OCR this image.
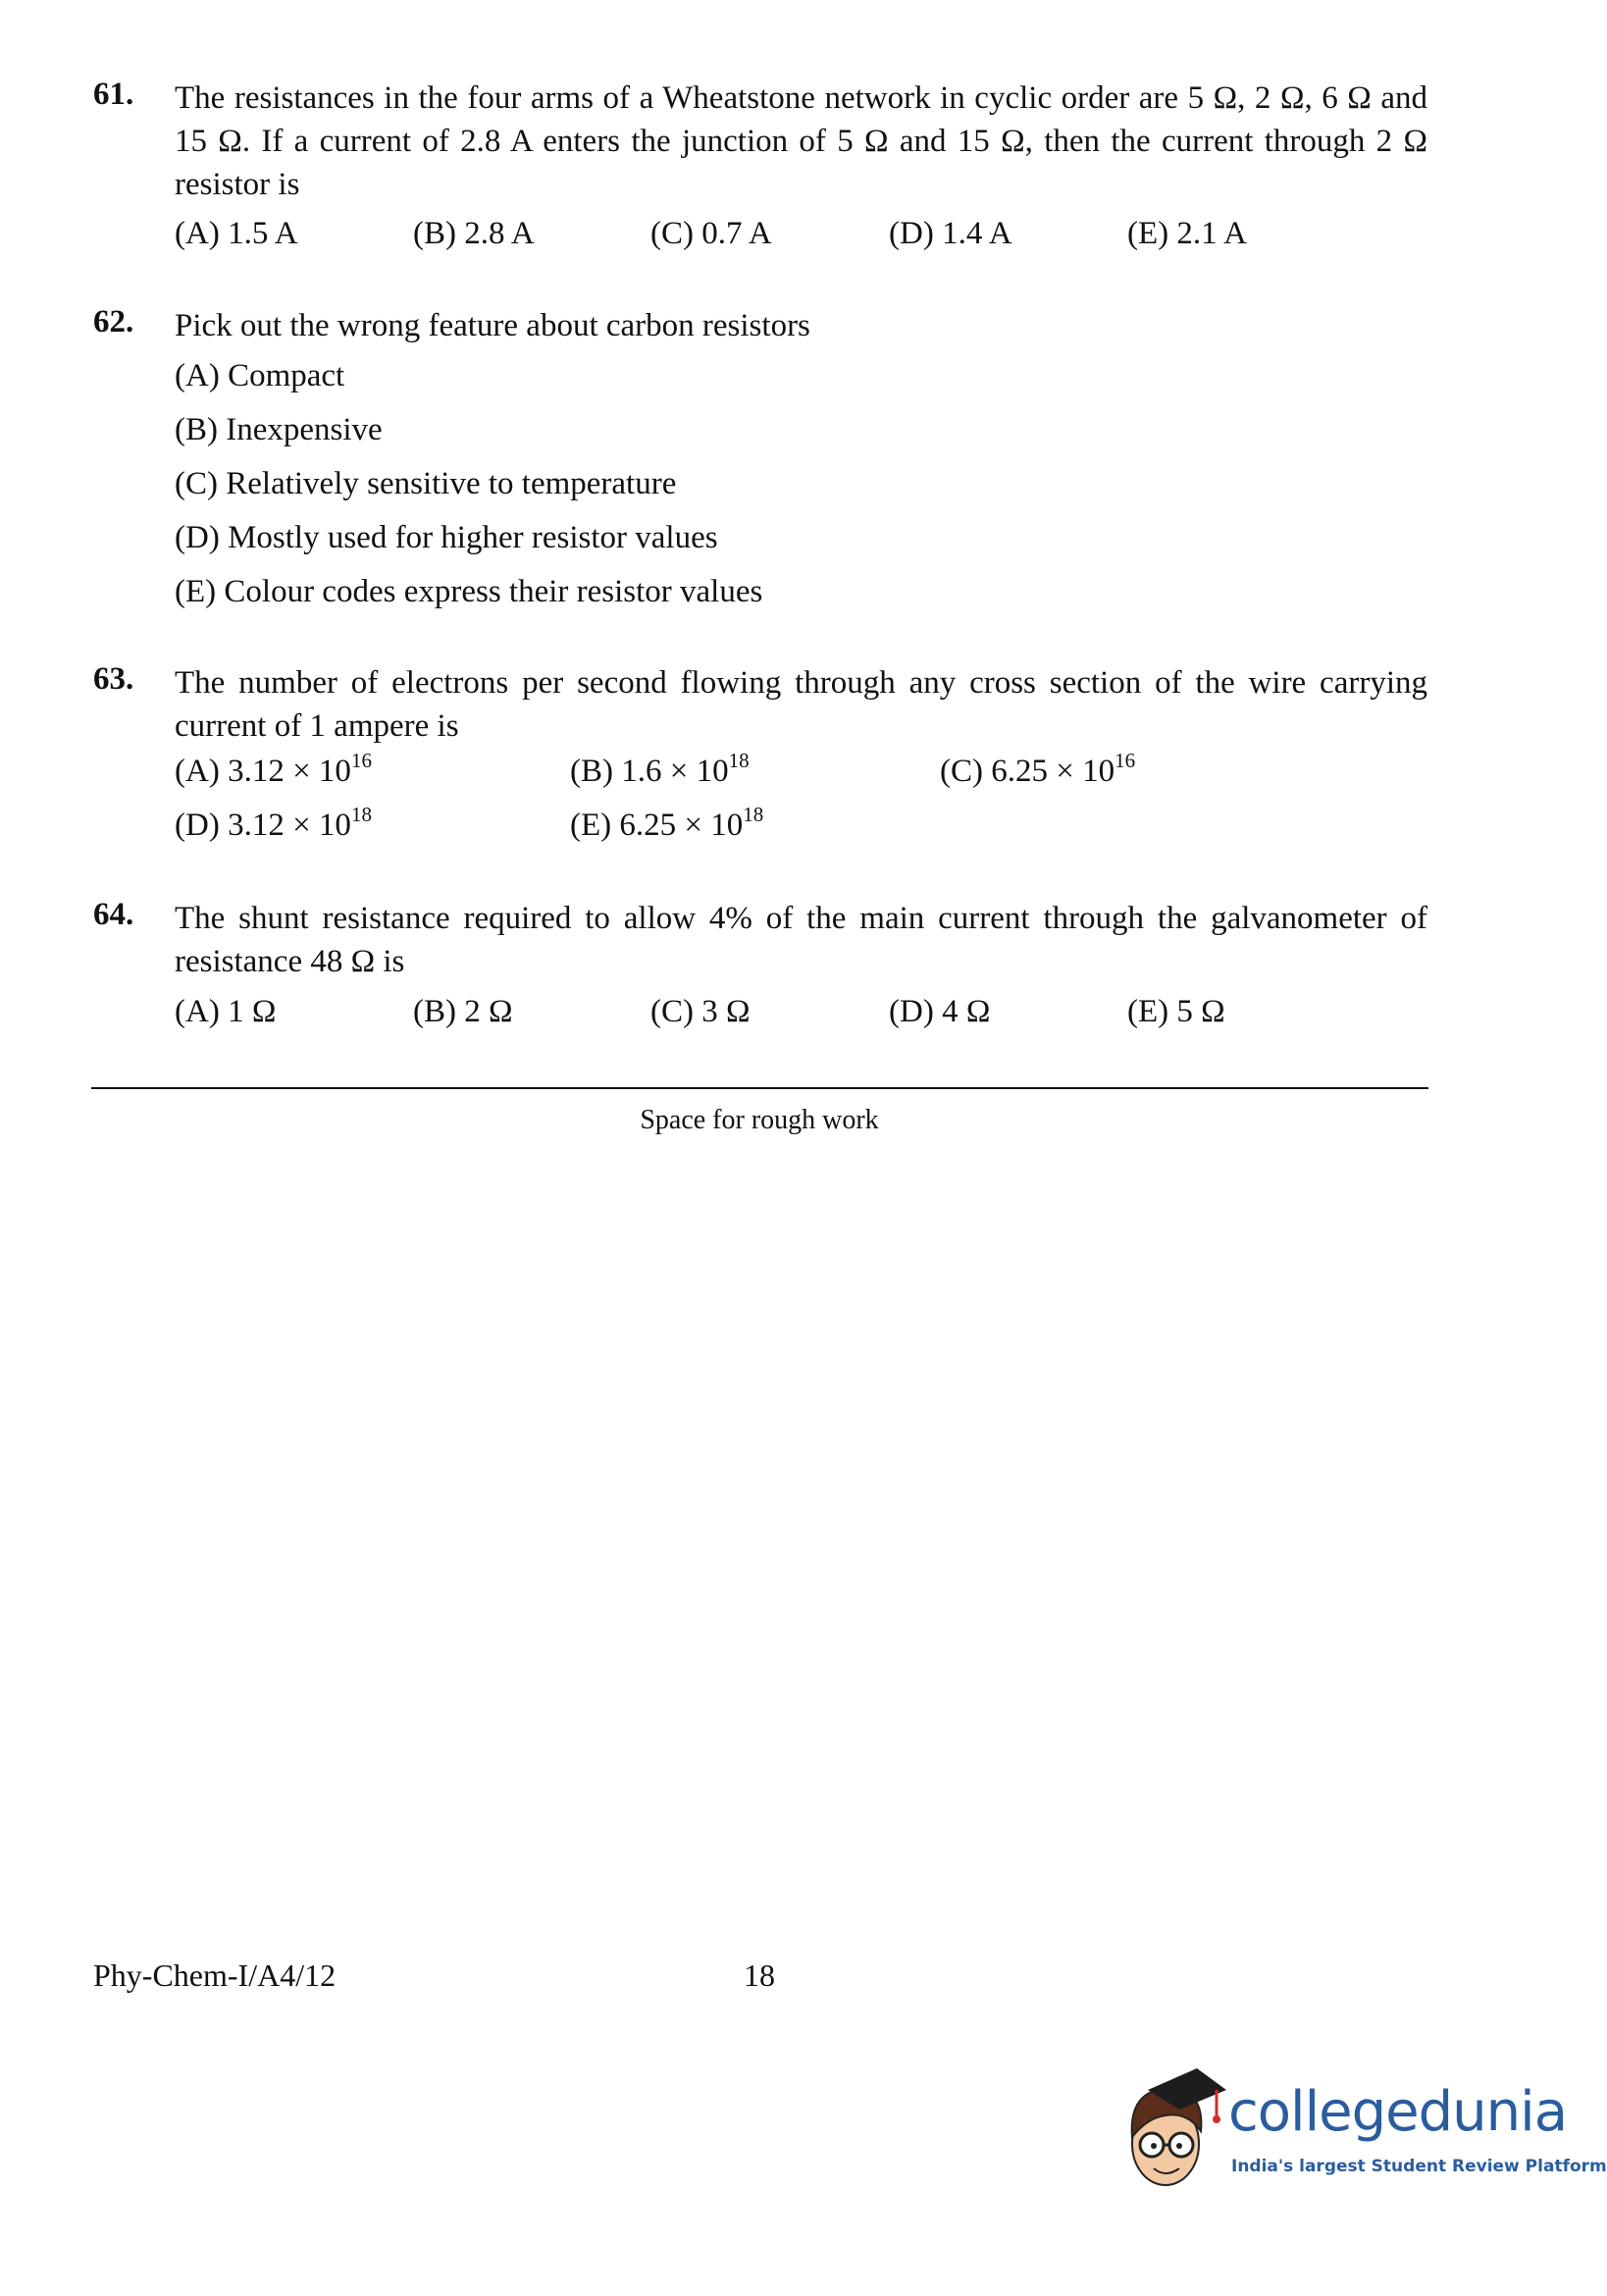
61. The resistances in the four arms of a Wheatstone network in cyclic order are 5 Ω, 2 Ω, 6 Ω and 15 Ω. If a current of 2.8 A enters the junction of 5 Ω and 15 Ω, then the current through 2 Ω resistor is
(A) 1.5 A	(B) 2.8 A	(C) 0.7 A	(D) 1.4 A	(E) 2.1 A
62. Pick out the wrong feature about carbon resistors
(A) Compact
(B) Inexpensive
(C) Relatively sensitive to temperature
(D) Mostly used for higher resistor values
(E) Colour codes express their resistor values
63. The number of electrons per second flowing through any cross section of the wire carrying current of 1 ampere is
(A) $3.12 \times 10^{16}$	(B) $1.6 \times 10^{18}$	(C) $6.25 \times 10^{16}$
(D) $3.12 \times 10^{18}$	(E) $6.25 \times 10^{18}$
64. The shunt resistance required to allow 4% of the main current through the galvanometer of resistance 48 Ω is
(A) 1 Ω	(B) 2 Ω	(C) 3 Ω	(D) 4 Ω	(E) 5 Ω
Space for rough work
Phy-Chem-I/A4/12	18
collegedunia
India's largest Student Review Platform
